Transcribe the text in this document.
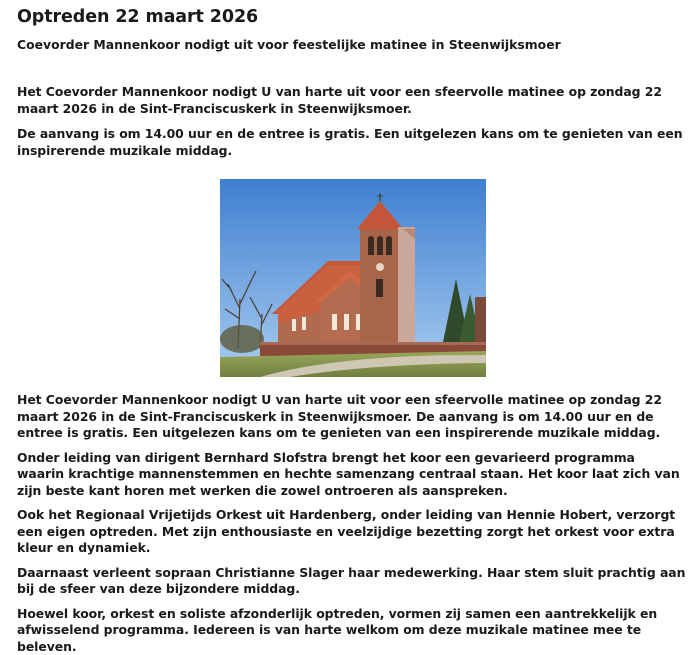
Optreden 22 maart 2026
Coevorder Mannenkoor nodigt uit voor feestelijke matinee in Steenwijksmoer

Het Coevorder Mannenkoor nodigt U van harte uit voor een sfeervolle matinee op zondag 22 maart 2026 in de Sint-Franciscuskerk in Steenwijksmoer.

De aanvang is om 14.00 uur en de entree is gratis. Een uitgelezen kans om te genieten van een inspirerende muzikale middag.

Het Coevorder Mannenkoor nodigt U van harte uit voor een sfeervolle matinee op zondag 22 maart 2026 in de Sint-Franciscuskerk in Steenwijksmoer. De aanvang is om 14.00 uur en de entree is gratis. Een uitgelezen kans om te genieten van een inspirerende muzikale middag.

Onder leiding van dirigent Bernhard Slofstra brengt het koor een gevarieerd programma waarin krachtige mannenstemmen en hechte samenzang centraal staan. Het koor laat zich van zijn beste kant horen met werken die zowel ontroeren als aanspreken.

Ook het Regionaal Vrijetijds Orkest uit Hardenberg, onder leiding van Hennie Hobert, verzorgt een eigen optreden. Met zijn enthousiaste en veelzijdige bezetting zorgt het orkest voor extra kleur en dynamiek.

Daarnaast verleent sopraan Christianne Slager haar medewerking. Haar stem sluit prachtig aan bij de sfeer van deze bijzondere middag.

Hoewel koor, orkest en soliste afzonderlijk optreden, vormen zij samen een aantrekkelijk en afwisselend programma. Iedereen is van harte welkom om deze muzikale matinee mee te beleven.
